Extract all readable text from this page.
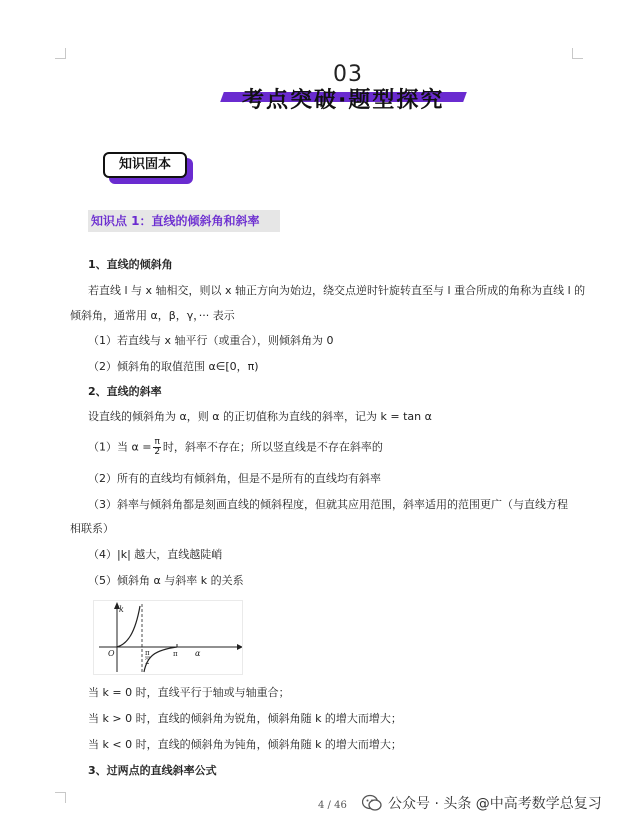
03
考点突破·题型探究
知识固本
知识点 1：直线的倾斜角和斜率
1、直线的倾斜角
若直线 l 与 x 轴相交，则以 x 轴正方向为始边，绕交点逆时针旋转直至与 l 重合所成的角称为直线 l 的
倾斜角，通常用 α，β，γ，··· 表示
（1）若直线与 x 轴平行（或重合），则倾斜角为 0
（2）倾斜角的取值范围 α∈[0，π)
2、直线的斜率
设直线的倾斜角为 α，则 α 的正切值称为直线的斜率，记为 k = tan α
（1）当 $\alpha = \frac{\pi}{2}$ 时，斜率不存在；所以竖直线是不存在斜率的
（2）所有的直线均有倾斜角，但是不是所有的直线均有斜率
（3）斜率与倾斜角都是刻画直线的倾斜程度，但就其应用范围，斜率适用的范围更广（与直线方程
相联系）
（4）|k| 越大，直线越陡峭
（5）倾斜角 α 与斜率 k 的关系
k
O	π
2
π α
当 k = 0 时，直线平行于轴或与轴重合；
当 k > 0 时，直线的倾斜角为锐角，倾斜角随 k 的增大而增大；
当 k < 0 时，直线的倾斜角为钝角，倾斜角随 k 的增大而增大；
3、过两点的直线斜率公式
4 / 46	公众号 · 头条 @中高考数学总复习
